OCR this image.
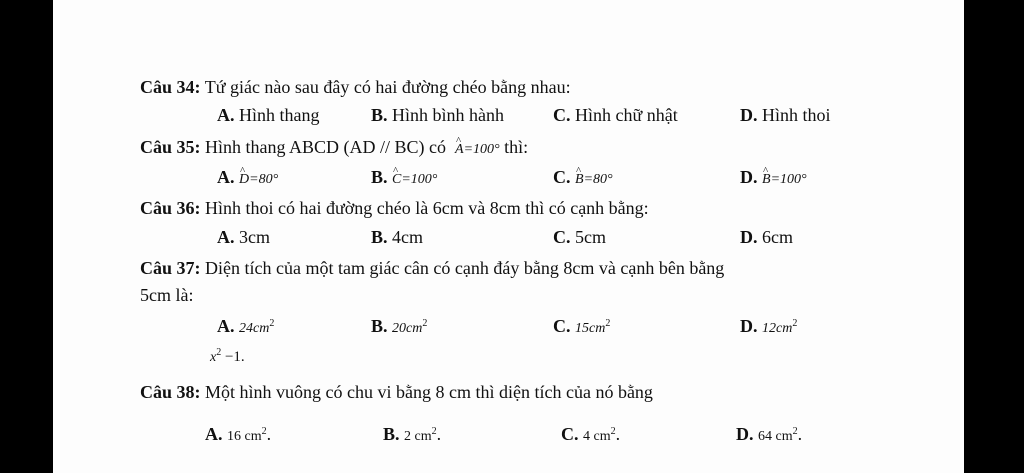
Câu 34: Tứ giác nào sau đây có hai đường chéo bằng nhau:
A. Hình thang	B. Hình bình hành	C. Hình chữ nhật	D. Hình thoi
Câu 35: Hình thang ABCD (AD // BC) có ^ A=100° thì:
A. ^ D=80°	B. ^ C=100°	C. ^ B=80°	D. ^ B=100°
Câu 36: Hình thoi có hai đường chéo là 6cm và 8cm thì có cạnh bằng:
A. 3cm	B. 4cm	C. 5cm	D. 6cm
Câu 37: Diện tích của một tam giác cân có cạnh đáy bằng 8cm và cạnh bên bằng
5cm là:
A. $24cm^2$	B. $20cm^2$	C. $15cm^2$	D. $12cm^2$
$x^2 -1$.
Câu 38: Một hình vuông có chu vi bằng 8 cm thì diện tích của nó bằng
A. 16 $cm^2$.	B. 2 $cm^2$.	C. 4 $cm^2$.	D. 64 $cm^2$.
